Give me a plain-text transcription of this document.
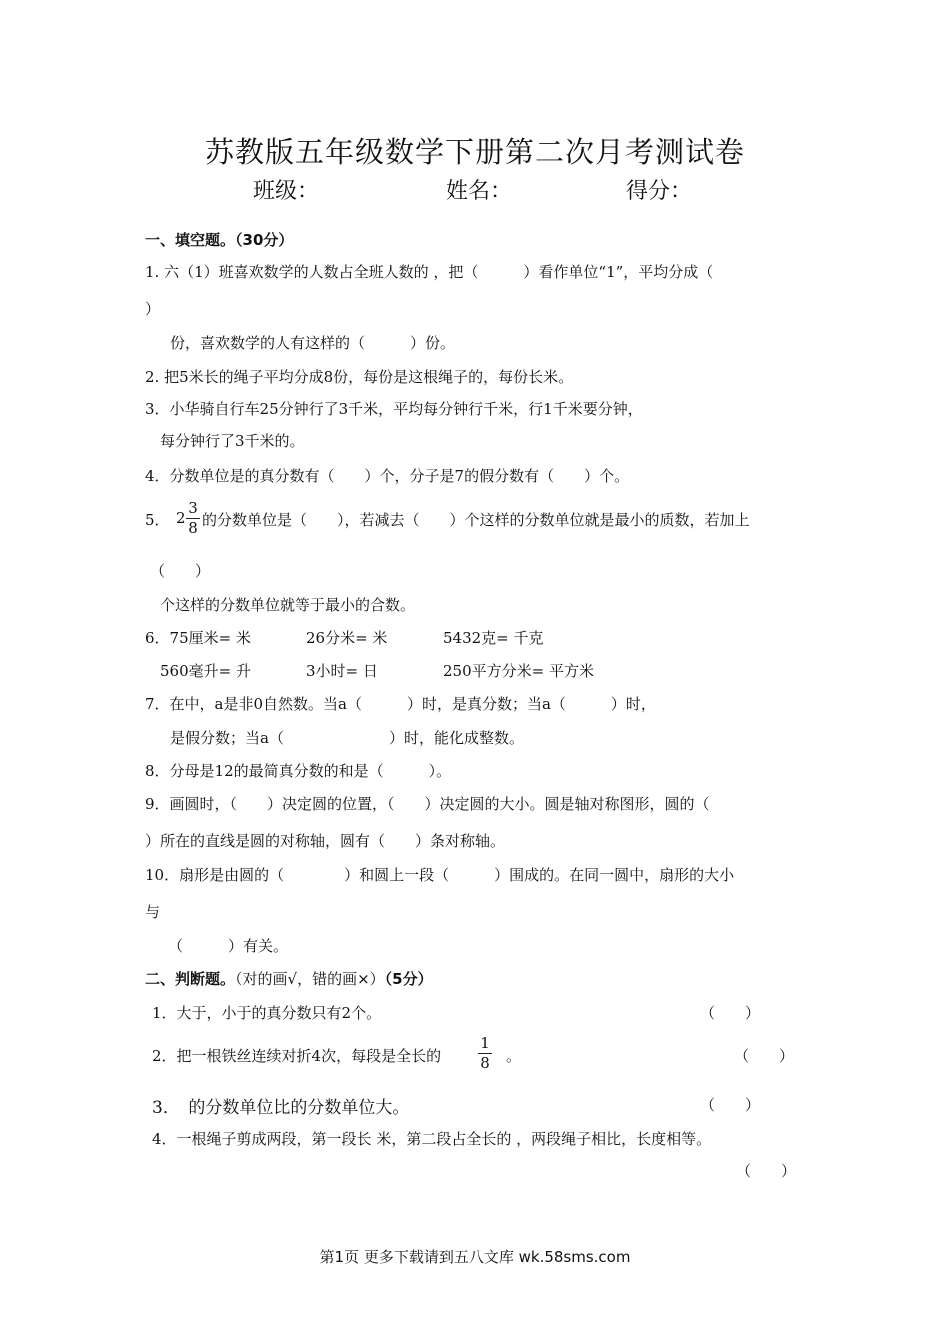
苏教版五年级数学下册第二次月考测试卷
班级：	姓名：	得分：
一、填空题。（30分）
1. 六（1）班喜欢数学的人数占全班人数的 ，把（　　　）看作单位“1”，平均分成（
）
份，喜欢数学的人有这样的（　　　）份。
2. 把5米长的绳子平均分成8份，每份是这根绳子的，每份长米。
3．小华骑自行车25分钟行了3千米，平均每分钟行千米，行1千米要分钟，
每分钟行了3千米的。
4．分数单位是的真分数有（　　）个，分子是7的假分数有（　　）个。
5． 2
3
8 的分数单位是（　　），若减去（　　）个这样的分数单位就是最小的质数，若加上
（　　）
个这样的分数单位就等于最小的合数。
6．75厘米= 米	26分米= 米	5432克= 千克
560毫升= 升	3小时= 日	250平方分米= 平方米
7．在中，a是非0自然数。当a（　　　）时，是真分数；当a（　　　）时，
是假分数；当a（　　　　　　　）时，能化成整数。
8．分母是12的最简真分数的和是（　　　）。
9．画圆时，（　　）决定圆的位置，（　　）决定圆的大小。圆是轴对称图形，圆的（
）所在的直线是圆的对称轴，圆有（　　）条对称轴。
10．扇形是由圆的（　　　　）和圆上一段（　　　）围成的。在同一圆中，扇形的大小
与
（　　　）有关。
二、判断题。（对的画√，错的画×）（5分）
1．大于，小于的真分数只有2个。	（　　）
2．把一根铁丝连续对折4次，每段是全长的
1
8 。	（　　）
3．　的分数单位比的分数单位大。	（　　）
4．一根绳子剪成两段，第一段长 米，第二段占全长的 ，两段绳子相比，长度相等。
（　　）
第1页 更多下载请到五八文库 wk.58sms.com
